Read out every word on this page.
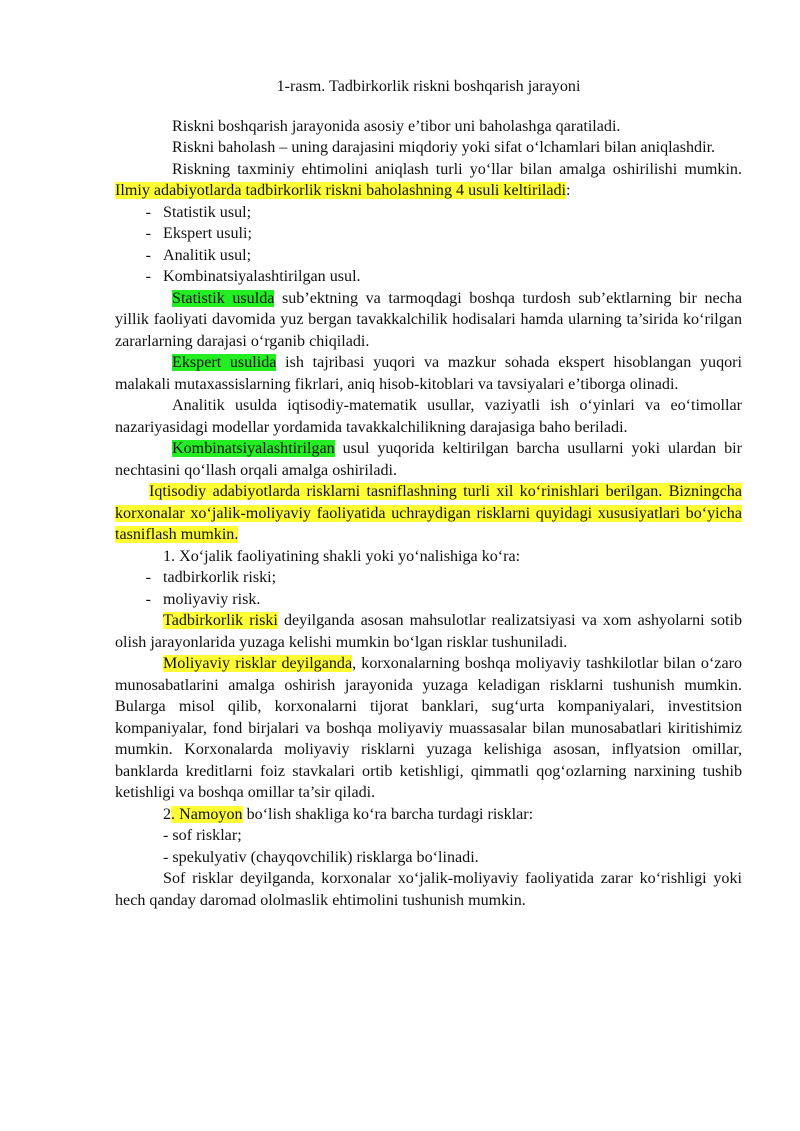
1-rasm. Tadbirkorlik riskni boshqarish jarayoni

Riskni boshqarish jarayonida asosiy e’tibor uni baholashga qaratiladi.

Riskni baholash – uning darajasini miqdoriy yoki sifat o‘lchamlari bilan aniqlashdir.

Riskning taxminiy ehtimolini aniqlash turli yo‘llar bilan amalga oshirilishi mumkin. Ilmiy adabiyotlarda tadbirkorlik riskni baholashning 4 usuli keltiriladi:

- Statistik usul;
- Ekspert usuli;
- Analitik usul;
- Kombinatsiyalashtirilgan usul.

Statistik usulda sub’ektning va tarmoqdagi boshqa turdosh sub’ektlarning bir necha yillik faoliyati davomida yuz bergan tavakkalchilik hodisalari hamda ularning ta’sirida ko‘rilgan zararlarning darajasi o‘rganib chiqiladi.

Ekspert usulida ish tajribasi yuqori va mazkur sohada ekspert hisoblangan yuqori malakali mutaxassislarning fikrlari, aniq hisob-kitoblari va tavsiyalari e’tiborga olinadi.

Analitik usulda iqtisodiy-matematik usullar, vaziyatli ish o‘yinlari va eo‘timollar nazariyasidagi modellar yordamida tavakkalchilikning darajasiga baho beriladi.

Kombinatsiyalashtirilgan usul yuqorida keltirilgan barcha usullarni yoki ulardan bir nechtasini qo‘llash orqali amalga oshiriladi.

Iqtisodiy adabiyotlarda risklarni tasniflashning turli xil ko‘rinishlari berilgan. Bizningcha korxonalar xo‘jalik-moliyaviy faoliyatida uchraydigan risklarni quyidagi xususiyatlari bo‘yicha tasniflash mumkin.

1. Xo‘jalik faoliyatining shakli yoki yo‘nalishiga ko‘ra:

- tadbirkorlik riski;
- moliyaviy risk.

Tadbirkorlik riski deyilganda asosan mahsulotlar realizatsiyasi va xom ashyolarni sotib olish jarayonlarida yuzaga kelishi mumkin bo‘lgan risklar tushuniladi.

Moliyaviy risklar deyilganda, korxonalarning boshqa moliyaviy tashkilotlar bilan o‘zaro munosabatlarini amalga oshirish jarayonida yuzaga keladigan risklarni tushunish mumkin. Bularga misol qilib, korxonalarni tijorat banklari, sug‘urta kompaniyalari, investitsion kompaniyalar, fond birjalari va boshqa moliyaviy muassasalar bilan munosabatlari kiritishimiz mumkin. Korxonalarda moliyaviy risklarni yuzaga kelishiga asosan, inflyatsion omillar, banklarda kreditlarni foiz stavkalari ortib ketishligi, qimmatli qog‘ozlarning narxining tushib ketishligi va boshqa omillar ta’sir qiladi.

2. Namoyon bo‘lish shakliga ko‘ra barcha turdagi risklar:

- sof risklar;
- spekulyativ (chayqovchilik) risklarga bo‘linadi.

Sof risklar deyilganda, korxonalar xo‘jalik-moliyaviy faoliyatida zarar ko‘rishligi yoki hech qanday daromad ololmaslik ehtimolini tushunish mumkin.
